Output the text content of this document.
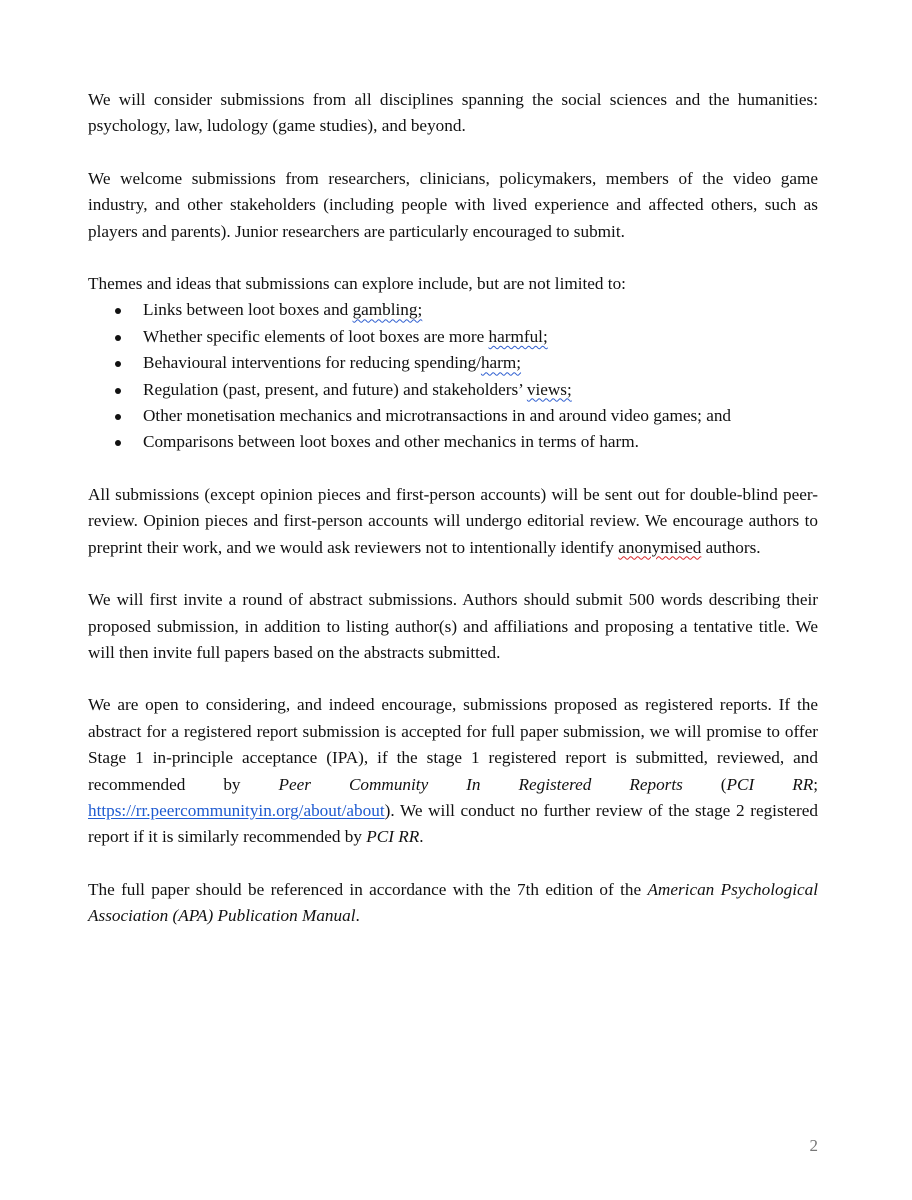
We will consider submissions from all disciplines spanning the social sciences and the humanities: psychology, law, ludology (game studies), and beyond.

We welcome submissions from researchers, clinicians, policymakers, members of the video game industry, and other stakeholders (including people with lived experience and affected others, such as players and parents). Junior researchers are particularly encouraged to submit.

Themes and ideas that submissions can explore include, but are not limited to:

Links between loot boxes and gambling;
Whether specific elements of loot boxes are more harmful;
Behavioural interventions for reducing spending/harm;
Regulation (past, present, and future) and stakeholders’ views;
Other monetisation mechanics and microtransactions in and around video games; and
Comparisons between loot boxes and other mechanics in terms of harm.

All submissions (except opinion pieces and first-person accounts) will be sent out for double-blind peer-review. Opinion pieces and first-person accounts will undergo editorial review. We encourage authors to preprint their work, and we would ask reviewers not to intentionally identify anonymised authors.

We will first invite a round of abstract submissions. Authors should submit 500 words describing their proposed submission, in addition to listing author(s) and affiliations and proposing a tentative title. We will then invite full papers based on the abstracts submitted.

We are open to considering, and indeed encourage, submissions proposed as registered reports. If the abstract for a registered report submission is accepted for full paper submission, we will promise to offer Stage 1 in-principle acceptance (IPA), if the stage 1 registered report is submitted, reviewed, and recommended by Peer Community In Registered Reports (PCI RR; https://rr.peercommunityin.org/about/about). We will conduct no further review of the stage 2 registered report if it is similarly recommended by PCI RR.

The full paper should be referenced in accordance with the 7th edition of the American Psychological Association (APA) Publication Manual.

2
